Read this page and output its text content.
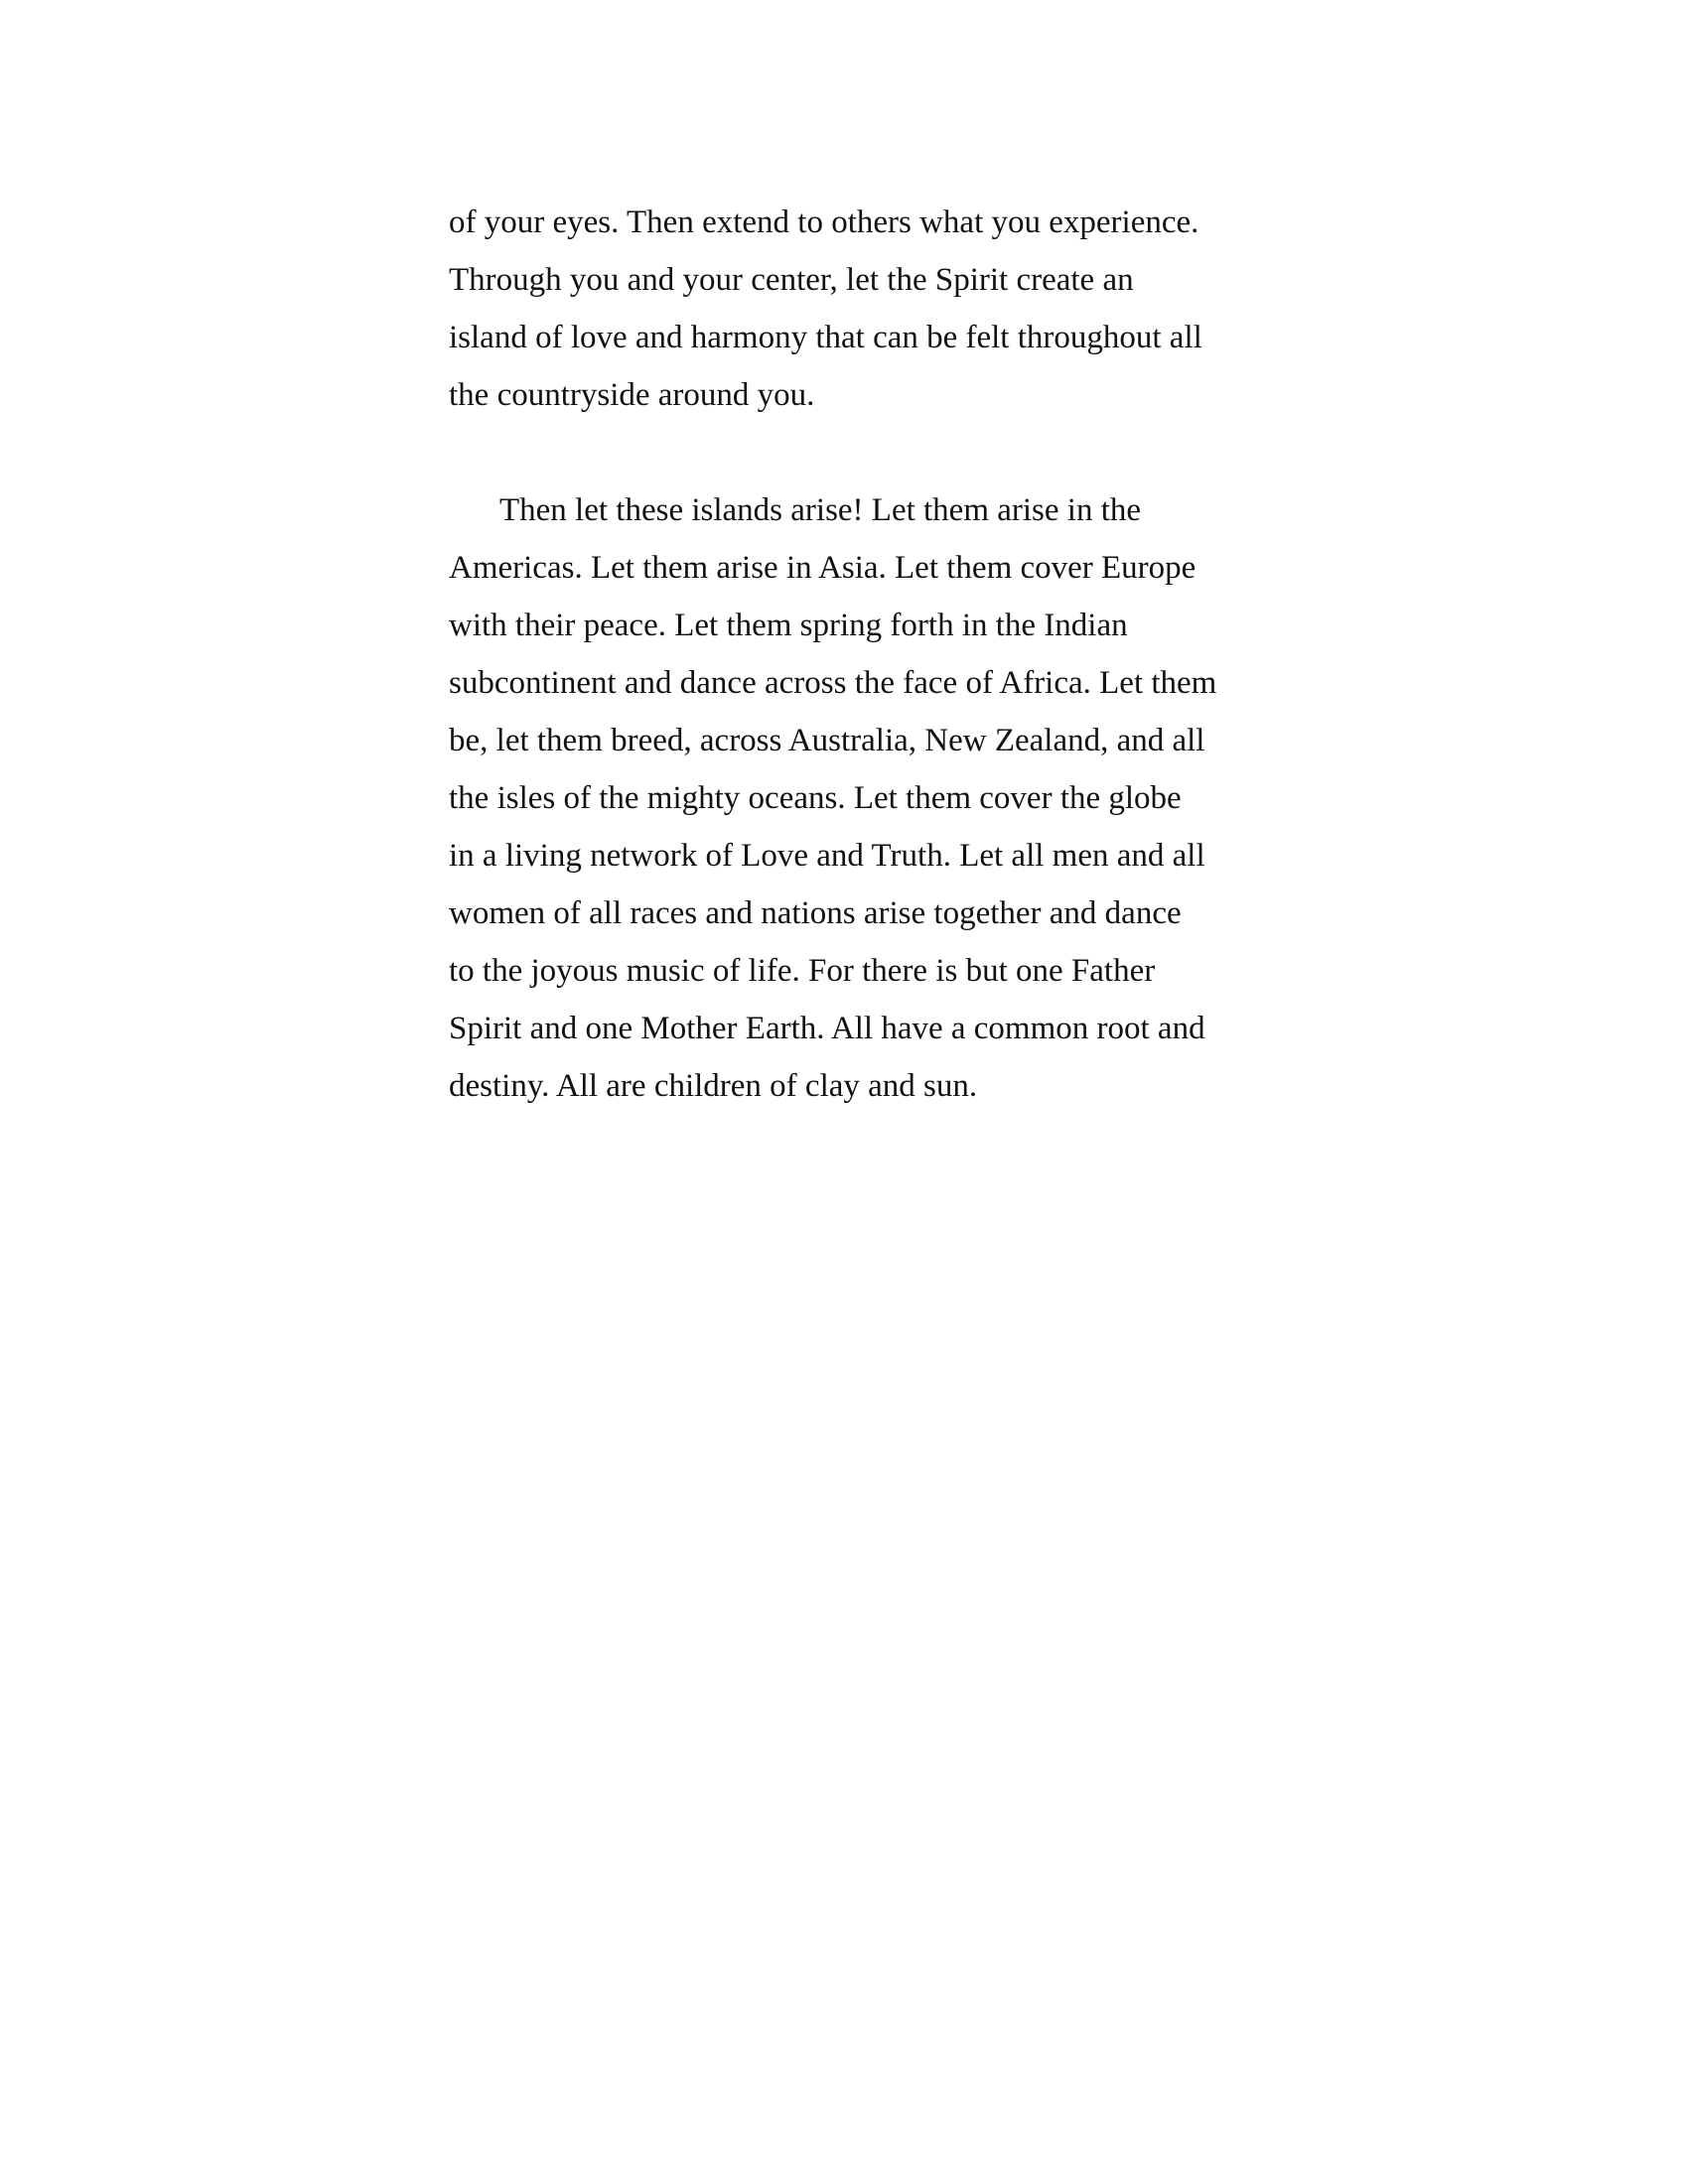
of your eyes. Then extend to others what you experience.
Through you and your center, let the Spirit create an
island of love and harmony that can be felt throughout all
the countryside around you.
Then let these islands arise! Let them arise in the
Americas. Let them arise in Asia. Let them cover Europe
with their peace. Let them spring forth in the Indian
subcontinent and dance across the face of Africa. Let them
be, let them breed, across Australia, New Zealand, and all
the isles of the mighty oceans. Let them cover the globe
in a living network of Love and Truth. Let all men and all
women of all races and nations arise together and dance
to the joyous music of life. For there is but one Father
Spirit and one Mother Earth. All have a common root and
destiny. All are children of clay and sun.
